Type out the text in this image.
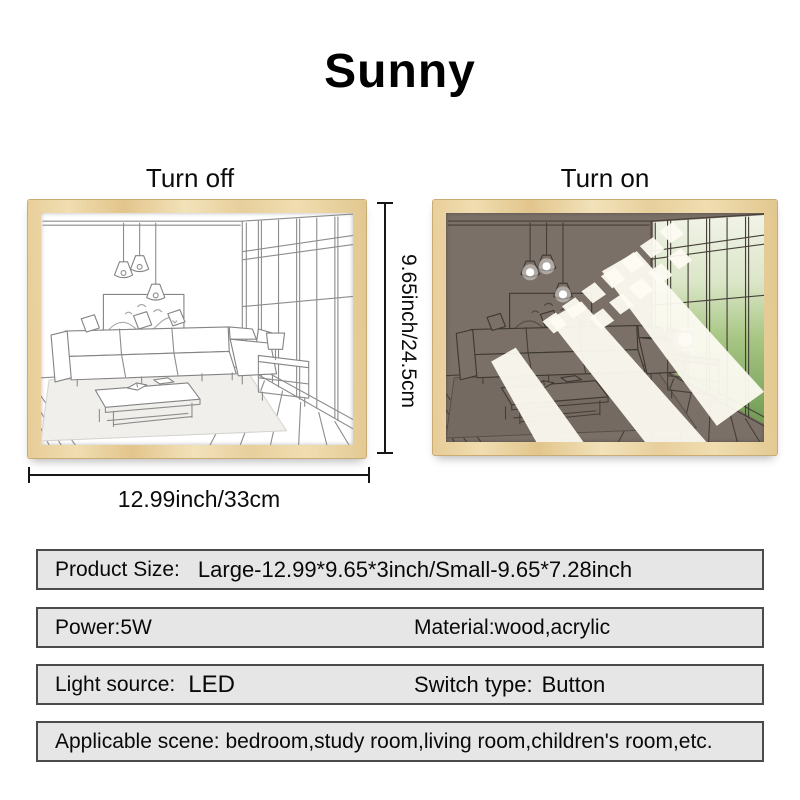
Sunny
Turn off	Turn on
9.65inch/24.5cm
12.99inch/33cm
Product Size: Large-12.99*9.65*3inch/Small-9.65*7.28inch
Power:5W	Material:wood,acrylic
Light source: LED	Switch type: Button
Applicable scene: bedroom,study room,living room,children's room,etc.
